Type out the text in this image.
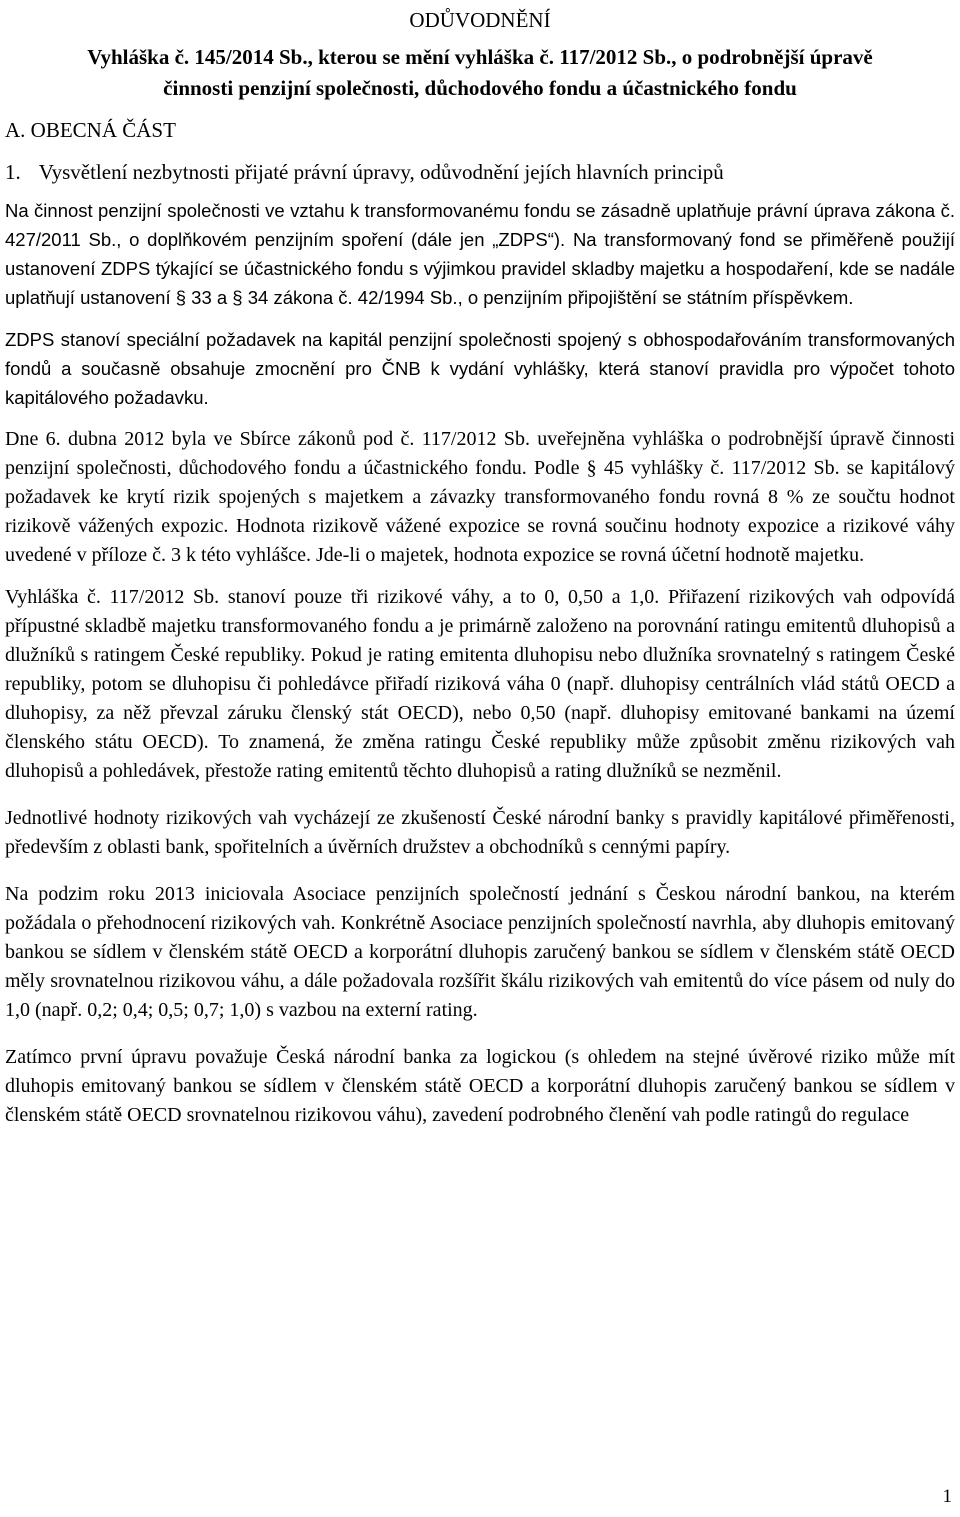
ODŮVODNĚNÍ
Vyhláška č. 145/2014 Sb., kterou se mění vyhláška č. 117/2012 Sb., o podrobnější úpravě
činnosti penzijní společnosti, důchodového fondu a účastnického fondu
A. OBECNÁ ČÁST
1. Vysvětlení nezbytnosti přijaté právní úpravy, odůvodnění jejích hlavních principů

Na činnost penzijní společnosti ve vztahu k transformovanému fondu se zásadně uplatňuje právní úprava zákona č. 427/2011 Sb., o doplňkovém penzijním spoření (dále jen „ZDPS“). Na transformovaný fond se přiměřeně použijí ustanovení ZDPS týkající se účastnického fondu s výjimkou pravidel skladby majetku a hospodaření, kde se nadále uplatňují ustanovení § 33 a § 34 zákona č. 42/1994 Sb., o penzijním připojištění se státním příspěvkem.

ZDPS stanoví speciální požadavek na kapitál penzijní společnosti spojený s obhospodařováním transformovaných fondů a současně obsahuje zmocnění pro ČNB k vydání vyhlášky, která stanoví pravidla pro výpočet tohoto kapitálového požadavku.

Dne 6. dubna 2012 byla ve Sbírce zákonů pod č. 117/2012 Sb. uveřejněna vyhláška o podrobnější úpravě činnosti penzijní společnosti, důchodového fondu a účastnického fondu. Podle § 45 vyhlášky č. 117/2012 Sb. se kapitálový požadavek ke krytí rizik spojených s majetkem a závazky transformovaného fondu rovná 8 % ze součtu hodnot rizikově vážených expozic. Hodnota rizikově vážené expozice se rovná součinu hodnoty expozice a rizikové váhy uvedené v příloze č. 3 k této vyhlášce. Jde-li o majetek, hodnota expozice se rovná účetní hodnotě majetku.

Vyhláška č. 117/2012 Sb. stanoví pouze tři rizikové váhy, a to 0, 0,50 a 1,0. Přiřazení rizikových vah odpovídá přípustné skladbě majetku transformovaného fondu a je primárně založeno na porovnání ratingu emitentů dluhopisů a dlužníků s ratingem České republiky. Pokud je rating emitenta dluhopisu nebo dlužníka srovnatelný s ratingem České republiky, potom se dluhopisu či pohledávce přiřadí riziková váha 0 (např. dluhopisy centrálních vlád států OECD a dluhopisy, za něž převzal záruku členský stát OECD), nebo 0,50 (např. dluhopisy emitované bankami na území členského státu OECD). To znamená, že změna ratingu České republiky může způsobit změnu rizikových vah dluhopisů a pohledávek, přestože rating emitentů těchto dluhopisů a rating dlužníků se nezměnil.

Jednotlivé hodnoty rizikových vah vycházejí ze zkušeností České národní banky s pravidly kapitálové přiměřenosti, především z oblasti bank, spořitelních a úvěrních družstev a obchodníků s cennými papíry.

Na podzim roku 2013 iniciovala Asociace penzijních společností jednání s Českou národní bankou, na kterém požádala o přehodnocení rizikových vah. Konkrétně Asociace penzijních společností navrhla, aby dluhopis emitovaný bankou se sídlem v členském státě OECD a korporátní dluhopis zaručený bankou se sídlem v členském státě OECD měly srovnatelnou rizikovou váhu, a dále požadovala rozšířit škálu rizikových vah emitentů do více pásem od nuly do 1,0 (např. 0,2; 0,4; 0,5; 0,7; 1,0) s vazbou na externí rating.

Zatímco první úpravu považuje Česká národní banka za logickou (s ohledem na stejné úvěrové riziko může mít dluhopis emitovaný bankou se sídlem v členském státě OECD a korporátní dluhopis zaručený bankou se sídlem v členském státě OECD srovnatelnou rizikovou váhu), zavedení podrobného členění vah podle ratingů do regulace

1
